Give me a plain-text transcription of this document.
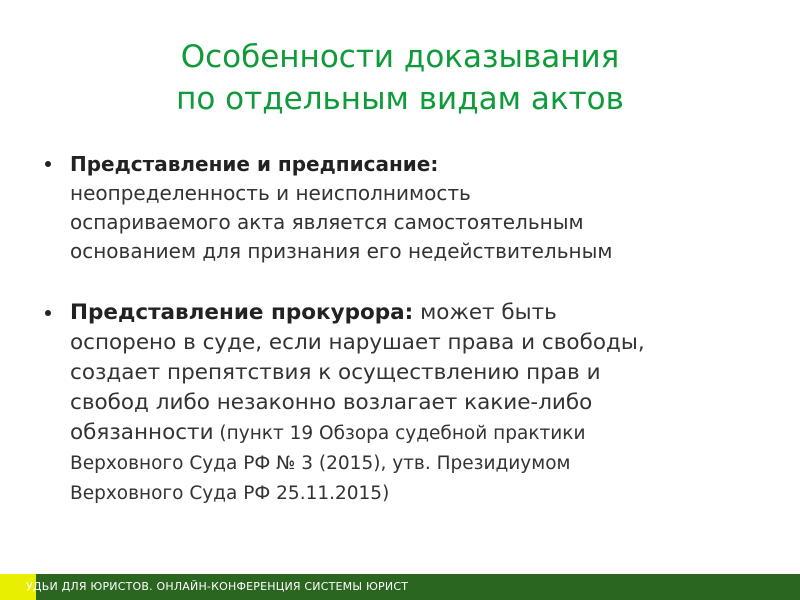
Особенности доказывания
по отдельным видам актов
Представление и предписание:
неопределенность и неисполнимость
оспариваемого акта является самостоятельным
основанием для признания его недействительным
Представление прокурора: может быть
оспорено в суде, если нарушает права и свободы,
создает препятствия к осуществлению прав и
свобод либо незаконно возлагает какие-либо
обязанности (пункт 19 Обзора судебной практики
Верховного Суда РФ № 3 (2015), утв. Президиумом
Верховного Суда РФ 25.11.2015)
УДЬИ ДЛЯ ЮРИСТОВ. ОНЛАЙН-КОНФЕРЕНЦИЯ СИСТЕМЫ ЮРИСТ
